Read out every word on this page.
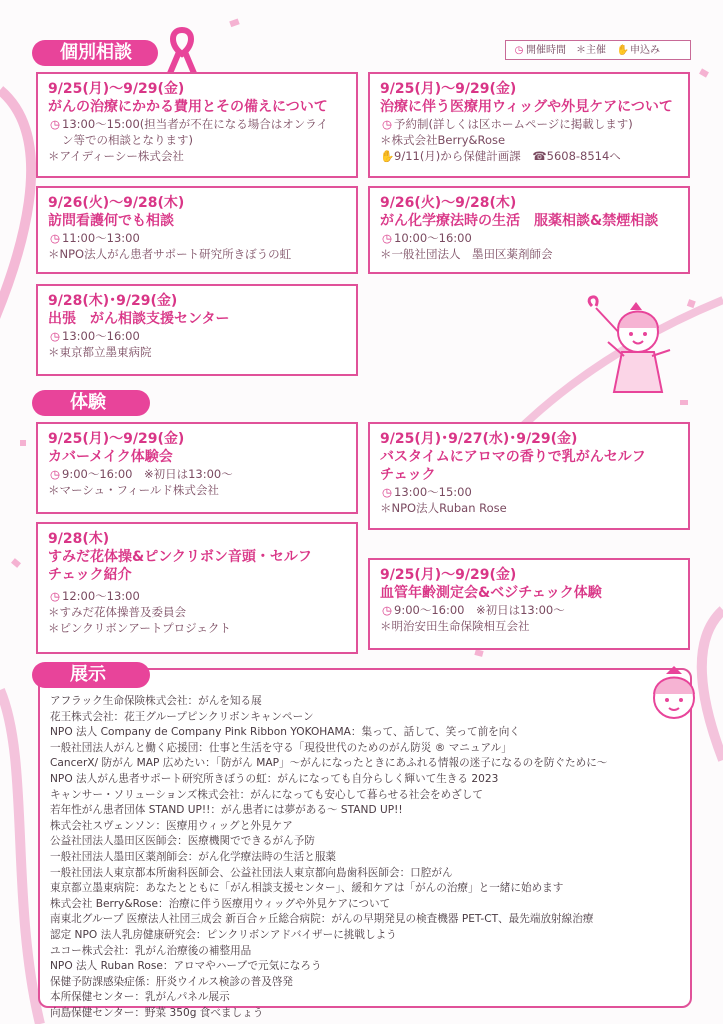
◷ 開催時間 ＊主催 ✋申込み
個別相談
9/25(月)〜9/29(金)
がんの治療にかかる費用とその備えについて
◷ 13:00〜15:00(担当者が不在になる場合はオンライ
ン等での相談となります)
＊アイディーシー株式会社
9/25(月)〜9/29(金)
治療に伴う医療用ウィッグや外見ケアについて
◷ 予約制(詳しくは区ホームページに掲載します)
＊株式会社Berry&Rose
✋9/11(月)から保健計画課　 ☎5608-8514へ
9/26(火)〜9/28(木)
訪問看護何でも相談
◷ 11:00〜13:00
＊NPO法人がん患者サポート研究所きぼうの虹
9/26(火)〜9/28(木)
がん化学療法時の生活　服薬相談&禁煙相談
◷ 10:00〜16:00
＊一般社団法人　墨田区薬剤師会
9/28(木)･9/29(金)
出張　がん相談支援センター
◷ 13:00〜16:00
＊東京都立墨東病院
体験
9/25(月)〜9/29(金)
カバーメイク体験会
◷ 9:00〜16:00　※初日は13:00〜
＊マーシュ・フィールド株式会社
9/25(月)･9/27(水)･9/29(金)
バスタイムにアロマの香りで乳がんセルフ
チェック
◷ 13:00〜15:00
＊NPO法人Ruban Rose
9/28(木)
すみだ花体操&ピンクリボン音頭・セルフ
チェック紹介
◷ 12:00〜13:00
＊すみだ花体操普及委員会
＊ピンクリボンアートプロジェクト
9/25(月)〜9/29(金)
血管年齢測定会&ベジチェック体験
◷ 9:00〜16:00　※初日は13:00〜
＊明治安田生命保険相互会社
アフラック生命保険株式会社：がんを知る展
花王株式会社：花王グループピンクリボンキャンペーン
NPO 法人 Company de Company Pink Ribbon YOKOHAMA：集って、話して、笑って前を向く
一般社団法人がんと働く応援団：仕事と生活を守る「現役世代のためのがん防災 ® マニュアル」
CancerX/ 防がん MAP 広めたい：「防がん MAP」〜がんになったときにあふれる情報の迷子になるのを防ぐために〜
NPO 法人がん患者サポート研究所きぼうの虹：がんになっても自分らしく輝いて生きる 2023
キャンサー・ソリューションズ株式会社：がんになっても安心して暮らせる社会をめざして
若年性がん患者団体 STAND UP!!：がん患者には夢がある〜 STAND UP!!
株式会社スヴェンソン：医療用ウィッグと外見ケア
公益社団法人墨田区医師会：医療機関でできるがん予防
一般社団法人墨田区薬剤師会：がん化学療法時の生活と服薬
一般社団法人東京都本所歯科医師会、公益社団法人東京都向島歯科医師会：口腔がん
東京都立墨東病院：あなたとともに「がん相談支援センター」、緩和ケアは「がんの治療」と一緒に始めます
株式会社 Berry&Rose：治療に伴う医療用ウィッグや外見ケアについて
南東北グループ 医療法人社団三成会 新百合ヶ丘総合病院：がんの早期発見の検査機器 PET-CT、最先端放射線治療
認定 NPO 法人乳房健康研究会：ピンクリボンアドバイザーに挑戦しよう
ユコー株式会社：乳がん治療後の補整用品
NPO 法人 Ruban Rose：アロマやハーブで元気になろう
保健予防課感染症係：肝炎ウイルス検診の普及啓発
本所保健センター：乳がんパネル展示
向島保健センター：野菜 350g 食べましょう
展示
